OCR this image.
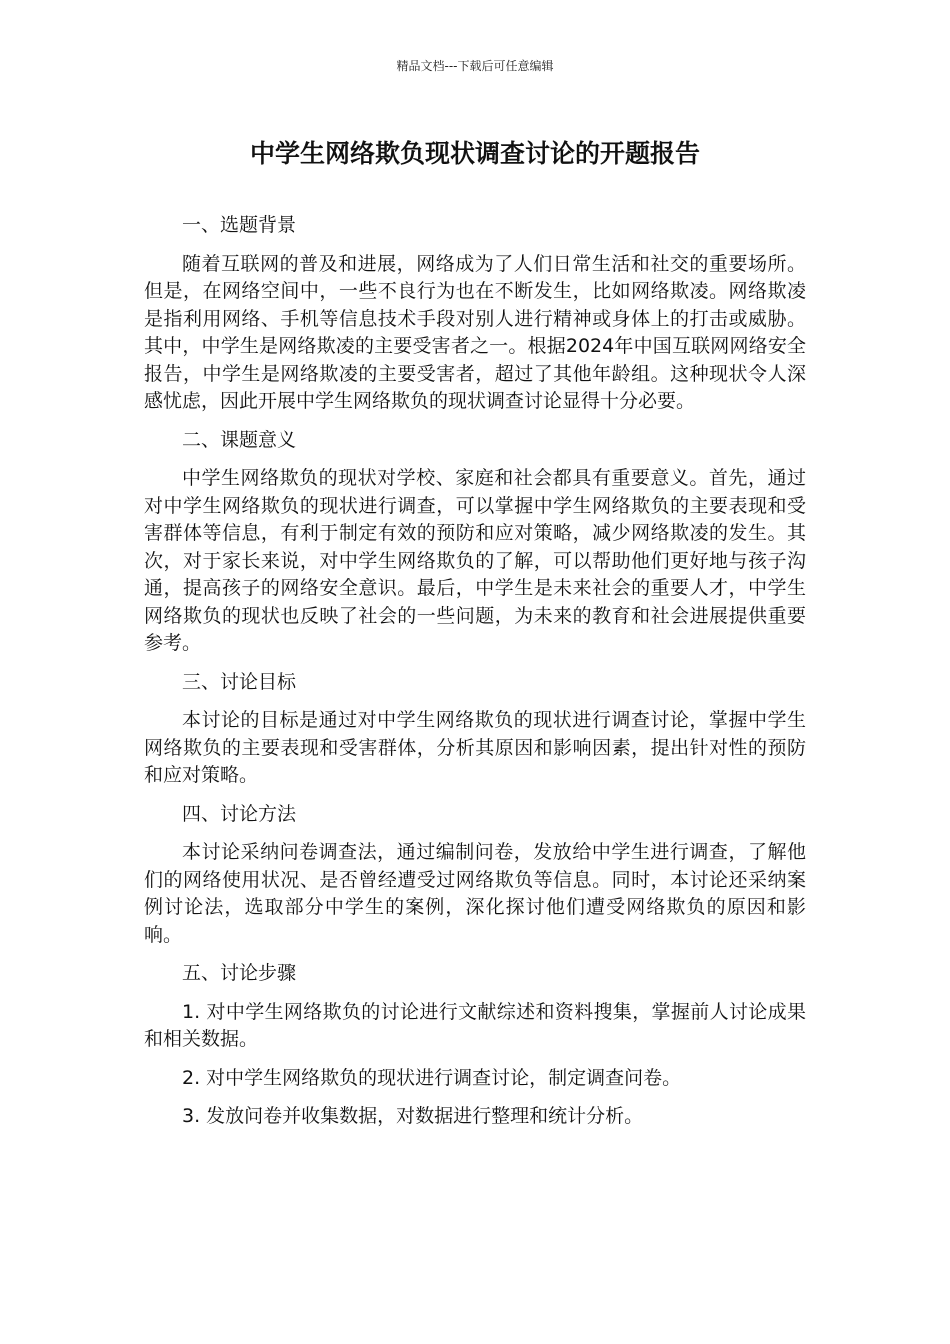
精品文档---下载后可任意编辑
中学生网络欺负现状调查讨论的开题报告

一、选题背景

随着互联网的普及和进展，网络成为了人们日常生活和社交的重要场所。但是，在网络空间中，一些不良行为也在不断发生，比如网络欺凌。网络欺凌是指利用网络、手机等信息技术手段对别人进行精神或身体上的打击或威胁。其中，中学生是网络欺凌的主要受害者之一。根据2024年中国互联网网络安全报告，中学生是网络欺凌的主要受害者，超过了其他年龄组。这种现状令人深感忧虑，因此开展中学生网络欺负的现状调查讨论显得十分必要。

二、课题意义

中学生网络欺负的现状对学校、家庭和社会都具有重要意义。首先，通过对中学生网络欺负的现状进行调查，可以掌握中学生网络欺负的主要表现和受害群体等信息，有利于制定有效的预防和应对策略，减少网络欺凌的发生。其次，对于家长来说，对中学生网络欺负的了解，可以帮助他们更好地与孩子沟通，提高孩子的网络安全意识。最后，中学生是未来社会的重要人才，中学生网络欺负的现状也反映了社会的一些问题，为未来的教育和社会进展提供重要参考。

三、讨论目标

本讨论的目标是通过对中学生网络欺负的现状进行调查讨论，掌握中学生网络欺负的主要表现和受害群体，分析其原因和影响因素，提出针对性的预防和应对策略。

四、讨论方法

本讨论采纳问卷调查法，通过编制问卷，发放给中学生进行调查，了解他们的网络使用状况、是否曾经遭受过网络欺负等信息。同时，本讨论还采纳案例讨论法，选取部分中学生的案例，深化探讨他们遭受网络欺负的原因和影响。

五、讨论步骤

1. 对中学生网络欺负的讨论进行文献综述和资料搜集，掌握前人讨论成果和相关数据。

2. 对中学生网络欺负的现状进行调查讨论，制定调查问卷。

3. 发放问卷并收集数据，对数据进行整理和统计分析。
